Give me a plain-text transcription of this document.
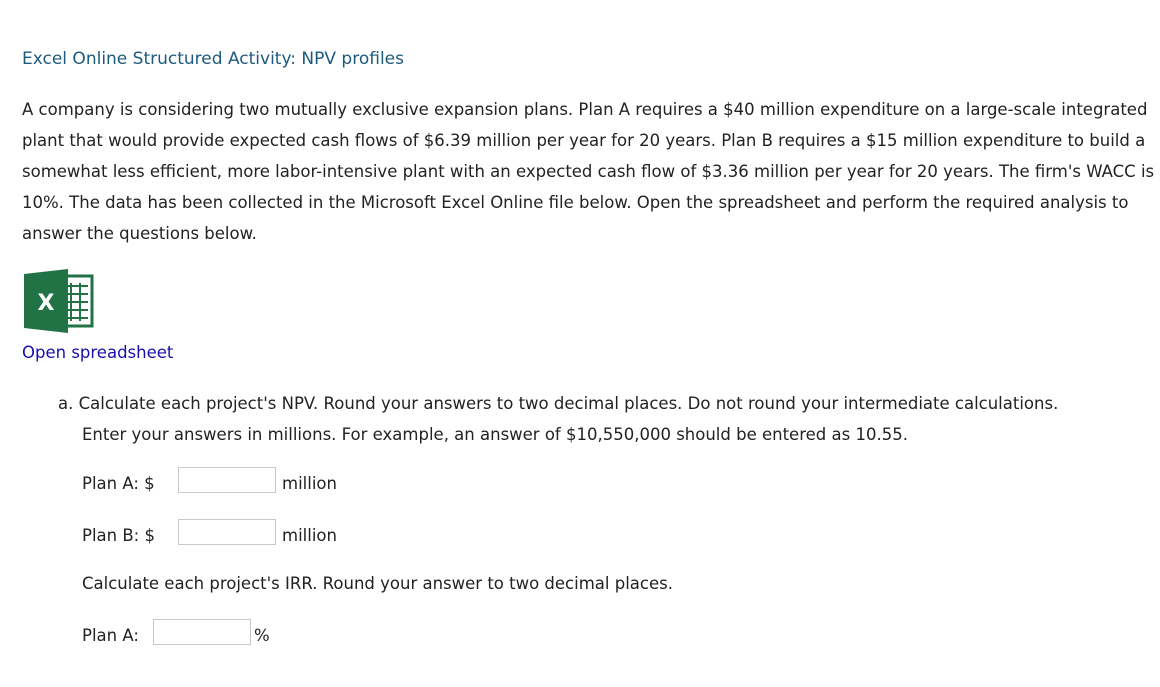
Excel Online Structured Activity: NPV profiles

A company is considering two mutually exclusive expansion plans. Plan A requires a $40 million expenditure on a large-scale integrated plant that would provide expected cash flows of $6.39 million per year for 20 years. Plan B requires a $15 million expenditure to build a somewhat less efficient, more labor-intensive plant with an expected cash flow of $3.36 million per year for 20 years. The firm's WACC is 10%. The data has been collected in the Microsoft Excel Online file below. Open the spreadsheet and perform the required analysis to answer the questions below.

X
Open spreadsheet
a. Calculate each project's NPV. Round your answers to two decimal places. Do not round your intermediate calculations.
Enter your answers in millions. For example, an answer of $10,550,000 should be entered as 10.55.
Plan A: $	million
Plan B: $	million
Calculate each project's IRR. Round your answer to two decimal places.
Plan A:	%
